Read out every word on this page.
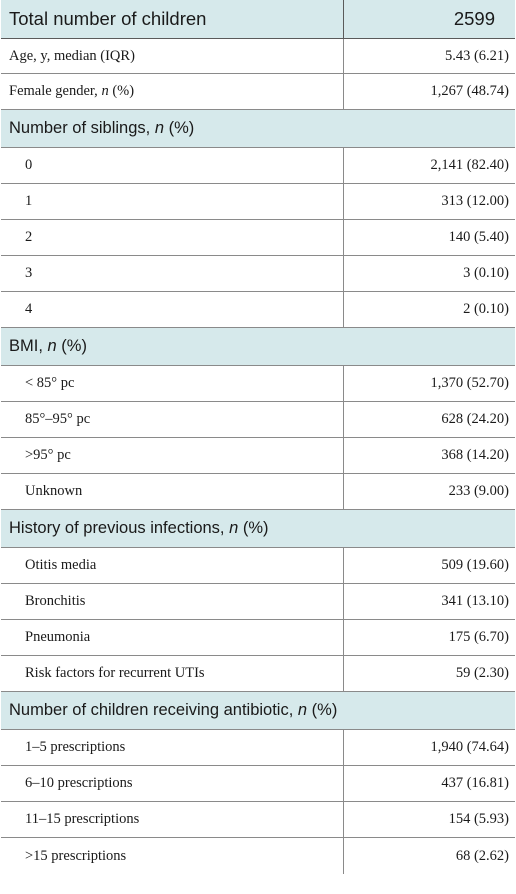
Total number of children	2599
Age, y, median (IQR)	5.43 (6.21)
Female gender, n (%)	1,267 (48.74)
Number of siblings, n (%)
0	2,141 (82.40)
1	313 (12.00)
2	140 (5.40)
3	3 (0.10)
4	2 (0.10)
BMI, n (%)
< 85° pc	1,370 (52.70)
85°–95° pc	628 (24.20)
>95° pc	368 (14.20)
Unknown	233 (9.00)
History of previous infections, n (%)
Otitis media	509 (19.60)
Bronchitis	341 (13.10)
Pneumonia	175 (6.70)
Risk factors for recurrent UTIs	59 (2.30)
Number of children receiving antibiotic, n (%)
1–5 prescriptions	1,940 (74.64)
6–10 prescriptions	437 (16.81)
11–15 prescriptions	154 (5.93)
>15 prescriptions	68 (2.62)
